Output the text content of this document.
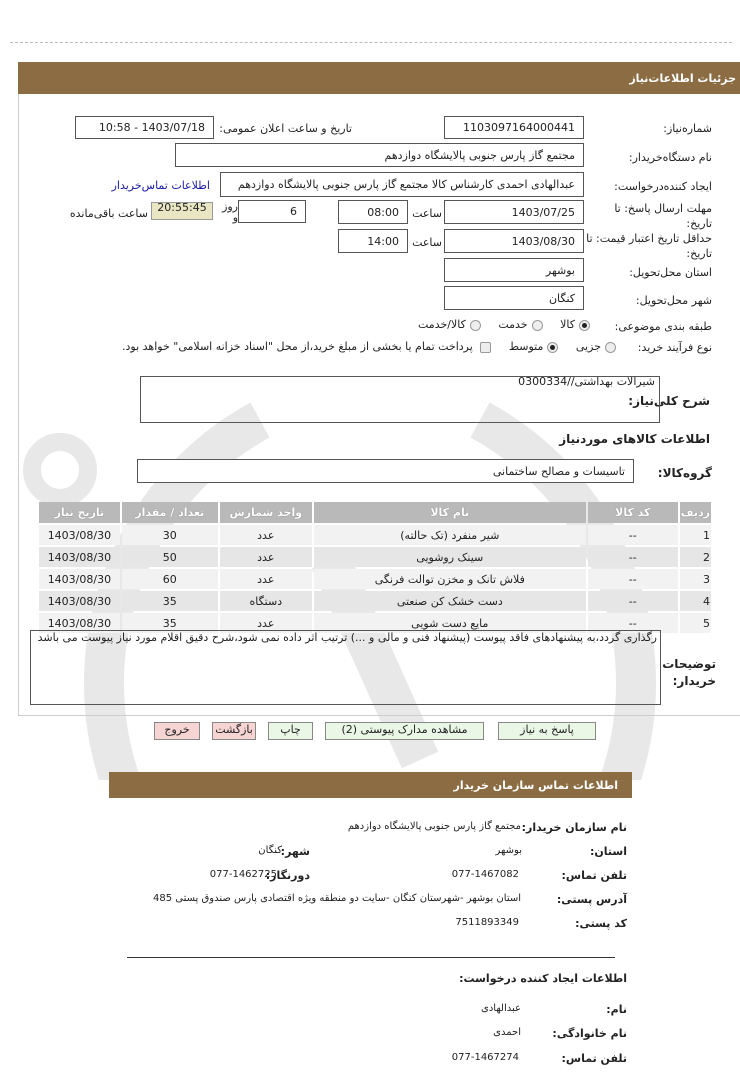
جزئیات اطلاعات‌نیاز
شماره‌نیاز:
1103097164000441
تاریخ و ساعت اعلان عمومی:
1403/07/18 - 10:58
نام دستگاه‌خریدار:
مجتمع گاز پارس جنوبی پالایشگاه دوازدهم
ایجاد کننده‌درخواست:
عبدالهادی احمدی کارشناس کالا مجتمع گاز پارس جنوبی پالایشگاه دوازدهم
اطلاعات تماس‌خریدار
مهلت ارسال پاسخ: تا تاریخ:
1403/07/25
ساعت
08:00
6
روز و
20:55:45
ساعت باقی‌مانده
حداقل تاریخ اعتبار قیمت: تا تاریخ:
1403/08/30
ساعت
14:00
استان محل‌تحویل:
بوشهر
شهر محل‌تحویل:
کنگان
طبقه بندی موضوعی:
کالا خدمت کالا/خدمت
نوع فرآیند خرید:
جزیی متوسط  پرداخت تمام یا بخشی از مبلغ خرید،از محل "اسناد خزانه اسلامی" خواهد بود.
شرح کلی‌نیاز:
شیرالات بهداشتی//0300334
اطلاعات کالاهای موردنیاز
گروه‌کالا:
تاسیسات و مصالح ساختمانی
ردیف	کد کالا	نام کالا	واحد شمارش	تعداد / مقدار	تاریخ نیاز
1	--	شیر منفرد (تک حالته)	عدد	30	1403/08/30
2	--	سینک روشویی	عدد	50	1403/08/30
3	--	فلاش تانک و مخزن توالت فرنگی	عدد	60	1403/08/30
4	--	دست خشک کن صنعتی	دستگاه	35	1403/08/30
5	--	مایع دست شویی	عدد	35	1403/08/30
توضیحات خریدار:
رگذاری گردد،به پیشنهادهای فاقد پیوست (پیشنهاد فنی و مالی و ...) ترتیب اثر داده نمی شود،شرح دقیق اقلام مورد نیاز پیوست می باشد
پاسخ به نیاز
مشاهده مدارک پیوستی (2)
چاپ
بازگشت
خروج
اطلاعات تماس سازمان خریدار
نام سازمان خریدار:
مجتمع گاز پارس جنوبی پالایشگاه دوازدهم
استان:
بوشهر
شهر:
کنگان
تلفن تماس:
077-1467082
دورنگار:
077-1462725
آدرس پستی:
استان بوشهر -شهرستان کنگان -سایت دو منطقه ویژه اقتصادی پارس صندوق پستی 485
کد پستی:
7511893349
اطلاعات ایجاد کننده درخواست:
نام:
عبدالهادی
نام خانوادگی:
احمدی
تلفن تماس:
077-1467274
